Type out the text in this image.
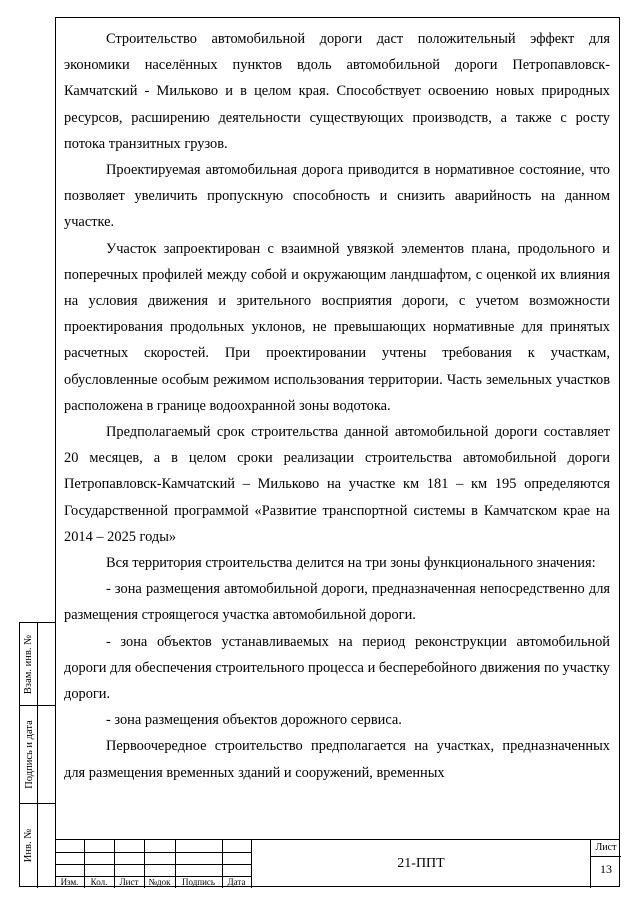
Строительство автомобильной дороги даст положительный эффект для экономики населённых пунктов вдоль автомобильной дороги Петропавловск-Камчатский - Мильково и в целом края. Способствует освоению новых природных ресурсов, расширению деятельности существующих производств, а также с росту потока транзитных грузов.

Проектируемая автомобильная дорога приводится в нормативное состояние, что позволяет увеличить пропускную способность и снизить аварийность на данном участке.

Участок запроектирован с взаимной увязкой элементов плана, продольного и поперечных профилей между собой и окружающим ландшафтом, с оценкой их влияния на условия движения и зрительного восприятия дороги, с учетом возможности проектирования продольных уклонов, не превышающих нормативные для принятых расчетных скоростей. При проектировании учтены требования к участкам, обусловленные особым режимом использования территории. Часть земельных участков расположена в границе водоохранной зоны водотока.

Предполагаемый срок строительства данной автомобильной дороги составляет 20 месяцев, а в целом сроки реализации строительства автомобильной дороги Петропавловск-Камчатский – Мильково на участке км 181 – км 195 определяются Государственной программой «Развитие транспортной системы в Камчатском крае на 2014 – 2025 годы»

Вся территория строительства делится на три зоны функционального значения:

- зона размещения автомобильной дороги, предназначенная непосредственно для размещения строящегося участка автомобильной дороги.

- зона объектов устанавливаемых на период реконструкции автомобильной дороги для обеспечения строительного процесса и бесперебойного движения по участку дороги.

- зона размещения объектов дорожного сервиса.

Первоочередное строительство предполагается на участках, предназначенных для размещения временных зданий и сооружений, временных

Взам. инв. №
Подпись и дата
Инв. №
Изм.	Кол.	Лист	№док	Подпись	Дата
21-ППТ
Лист
13
